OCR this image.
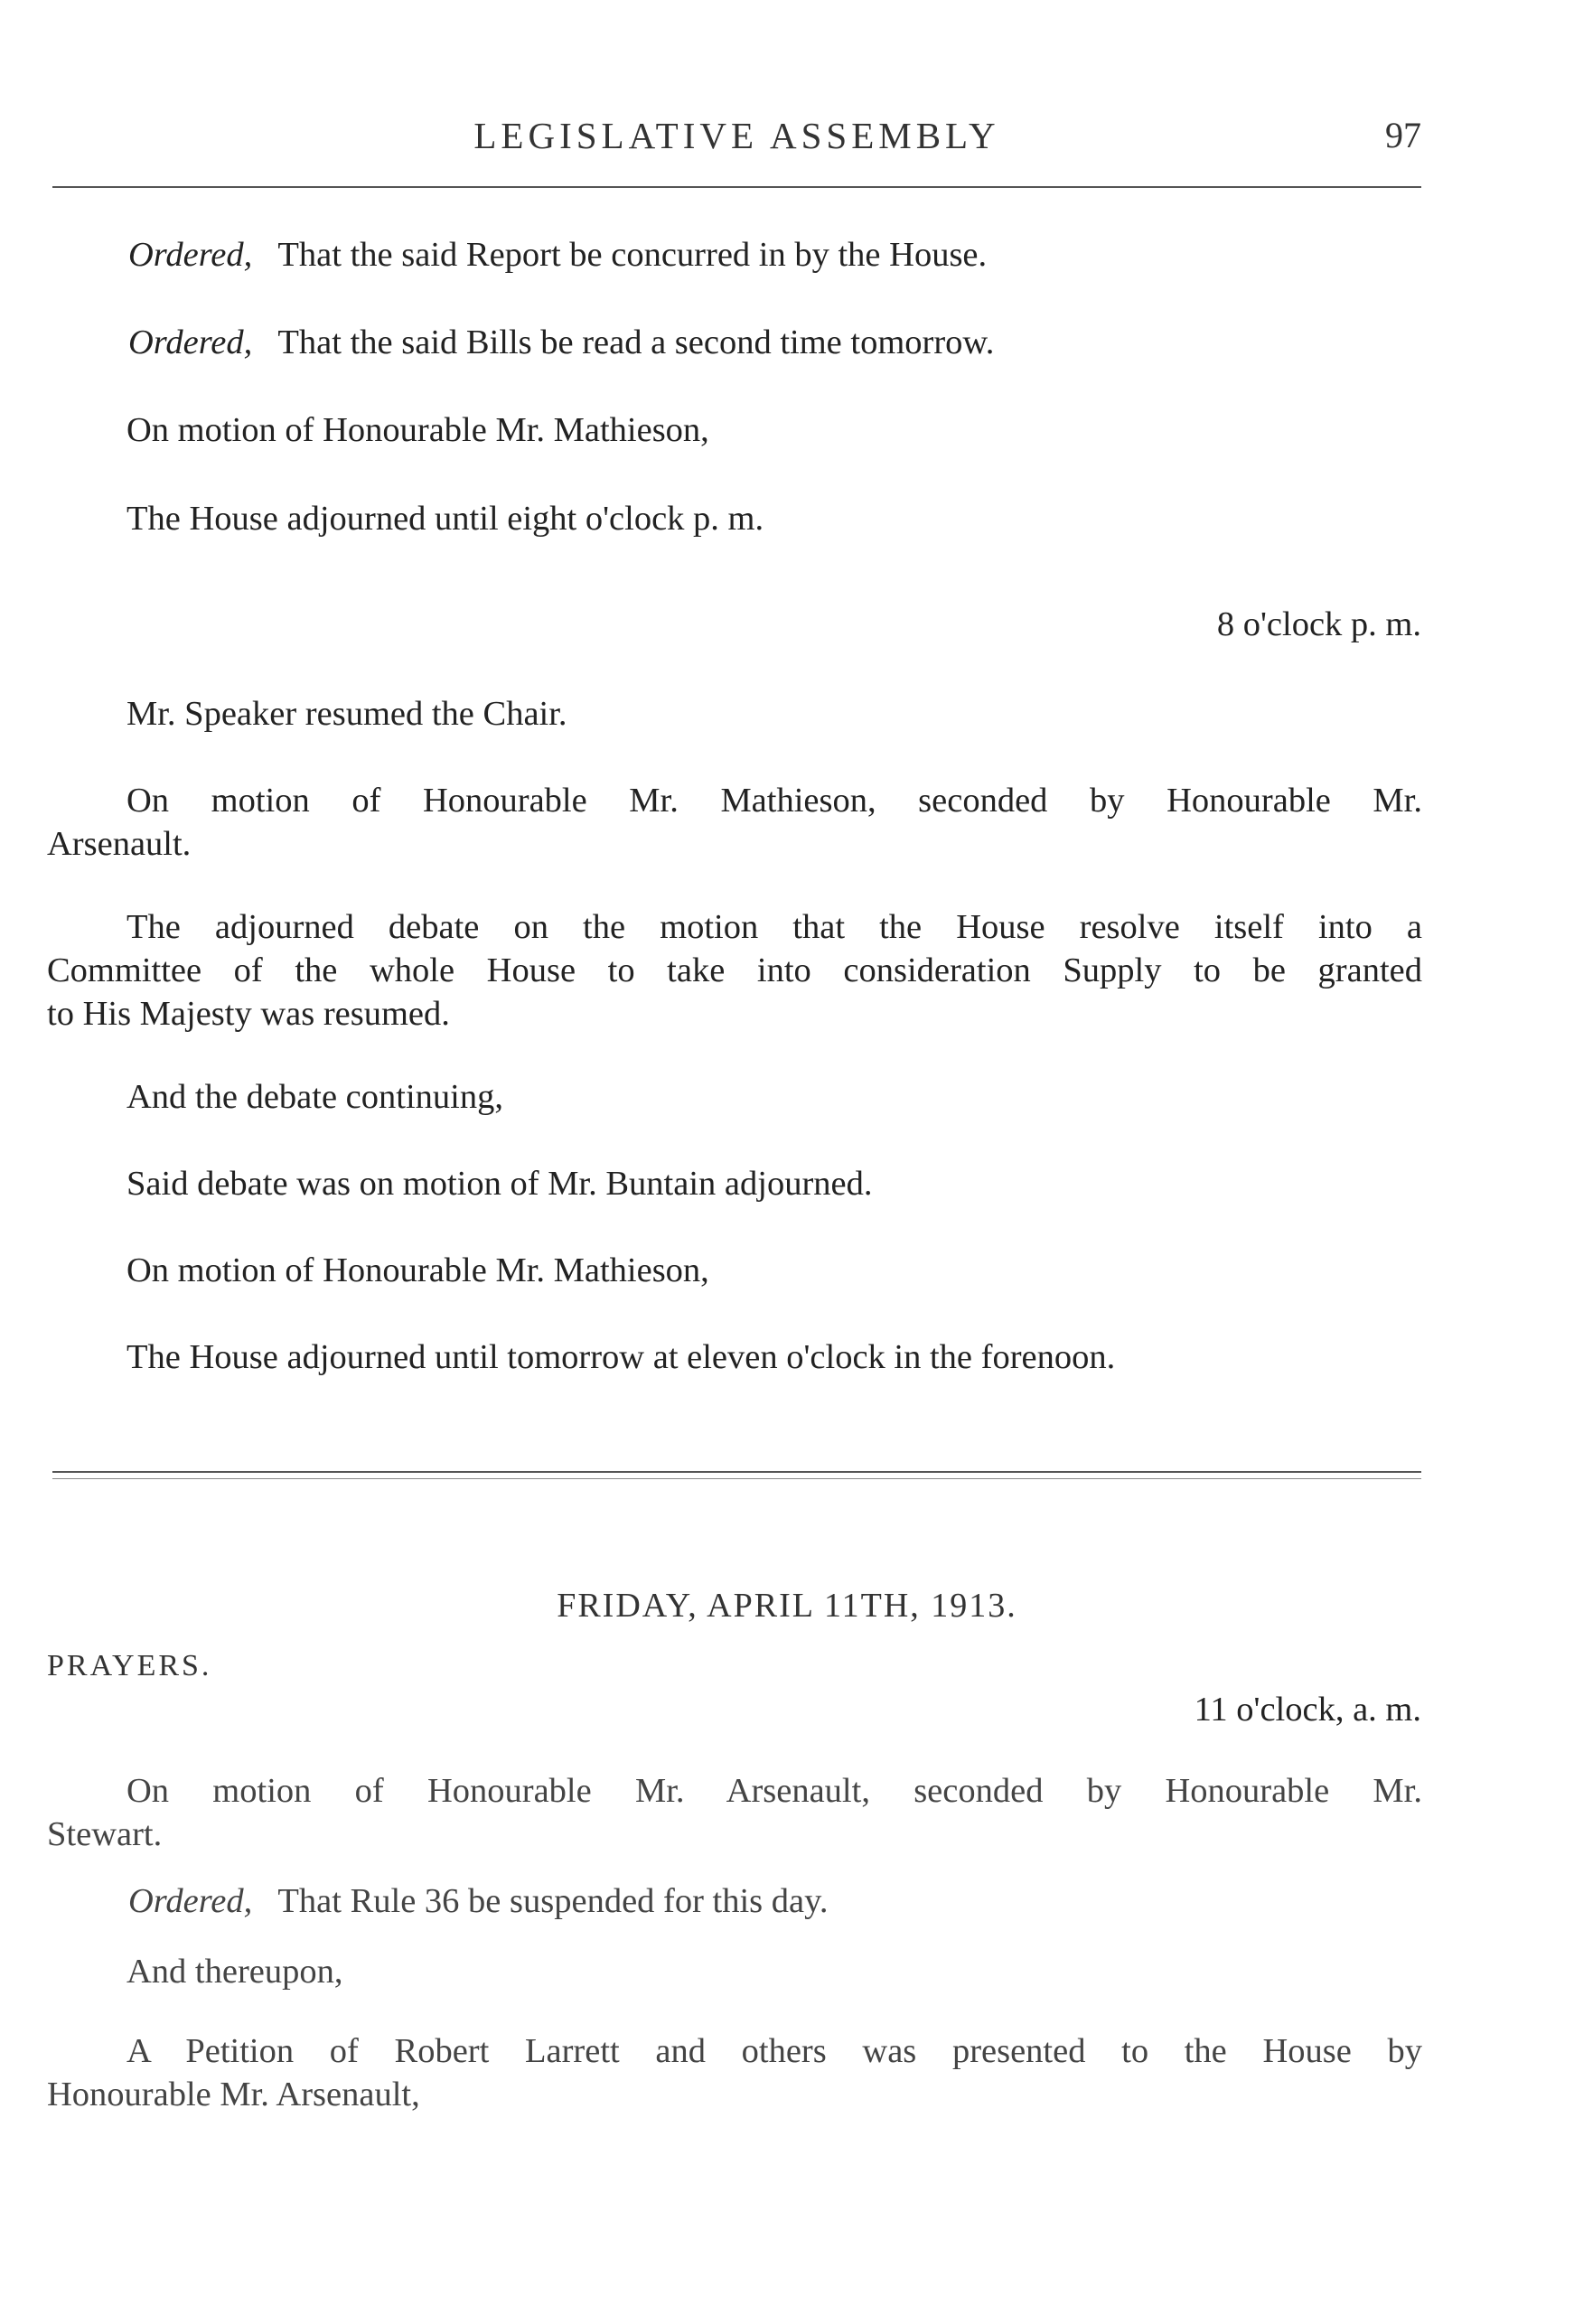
LEGISLATIVE ASSEMBLY	97
Ordered, That the said Report be concurred in by the House.
Ordered, That the said Bills be read a second time tomorrow.
On motion of Honourable Mr. Mathieson,
The House adjourned until eight o'clock p. m.
8 o'clock p. m.
Mr. Speaker resumed the Chair.
On motion of Honourable Mr. Mathieson, seconded by Honourable Mr.
Arsenault.
The adjourned debate on the motion that the House resolve itself into a
Committee of the whole House to take into consideration Supply to be granted
to His Majesty was resumed.
And the debate continuing,
Said debate was on motion of Mr. Buntain adjourned.
On motion of Honourable Mr. Mathieson,
The House adjourned until tomorrow at eleven o'clock in the forenoon.
FRIDAY, APRIL 11TH, 1913.
PRAYERS.
11 o'clock, a. m.
On motion of Honourable Mr. Arsenault, seconded by Honourable Mr.
Stewart.
Ordered, That Rule 36 be suspended for this day.
And thereupon,
A Petition of Robert Larrett and others was presented to the House by
Honourable Mr. Arsenault,
